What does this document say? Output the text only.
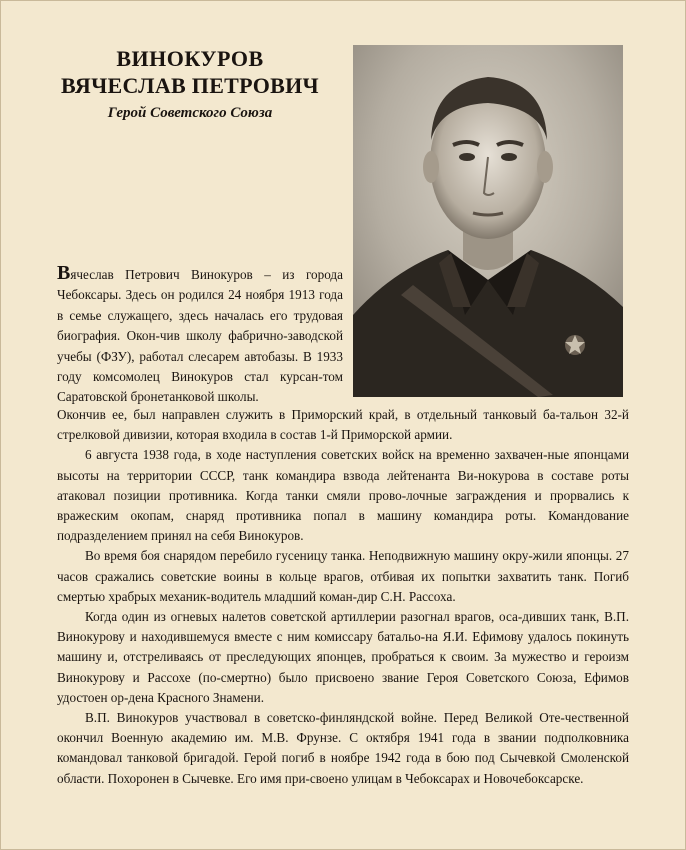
ВИНОКУРОВ
ВЯЧЕСЛАВ ПЕТРОВИЧ
Герой Советского Союза
Вячеслав Петрович Винокуров – из города Чебоксары. Здесь он родился 24 ноября 1913 года в семье служащего, здесь началась его трудовая биография. Окон-чив школу фабрично-заводской учебы (ФЗУ), работал слесарем автобазы. В 1933 году комсомолец Винокуров стал курсан-том Саратовской бронетанковой школы.

Окончив ее, был направлен служить в Приморский край, в отдельный танковый ба-тальон 32-й стрелковой дивизии, которая входила в состав 1-й Приморской армии.

6 августа 1938 года, в ходе наступления советских войск на временно захвачен-ные японцами высоты на территории СССР, танк командира взвода лейтенанта Ви-нокурова в составе роты атаковал позиции противника. Когда танки смяли прово-лочные заграждения и прорвались к вражеским окопам, снаряд противника попал в машину командира роты. Командование подразделением принял на себя Винокуров.

Во время боя снарядом перебило гусеницу танка. Неподвижную машину окру-жили японцы. 27 часов сражались советские воины в кольце врагов, отбивая их попытки захватить танк. Погиб смертью храбрых механик-водитель младший коман-дир С.Н. Рассоха.

Когда один из огневых налетов советской артиллерии разогнал врагов, оса-дивших танк, В.П. Винокурову и находившемуся вместе с ним комиссару батальо-на Я.И. Ефимову удалось покинуть машину и, отстреливаясь от преследующих японцев, пробраться к своим. За мужество и героизм Винокурову и Рассохе (по-смертно) было присвоено звание Героя Советского Союза, Ефимов удостоен ор-дена Красного Знамени.

В.П. Винокуров участвовал в советско-финляндской войне. Перед Великой Оте-чественной окончил Военную академию им. М.В. Фрунзе. С октября 1941 года в звании подполковника командовал танковой бригадой. Герой погиб в ноябре 1942 года в бою под Сычевкой Смоленской области. Похоронен в Сычевке. Его имя при-своено улицам в Чебоксарах и Новочебоксарске.
